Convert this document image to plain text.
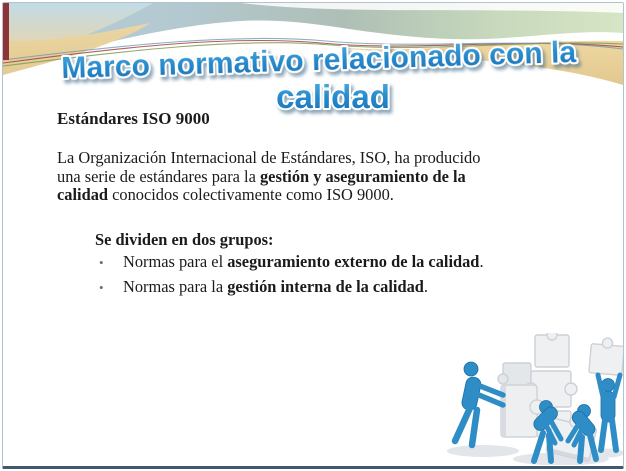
Marco normativo relacionado con la
calidad
Estándares ISO 9000
La Organización Internacional de Estándares, ISO, ha producido
una serie de estándares para la gestión y aseguramiento de la
calidad conocidos colectivamente como ISO 9000.
Se dividen en dos grupos:
•	Normas para el aseguramiento externo de la calidad.
•	Normas para la gestión interna de la calidad.
